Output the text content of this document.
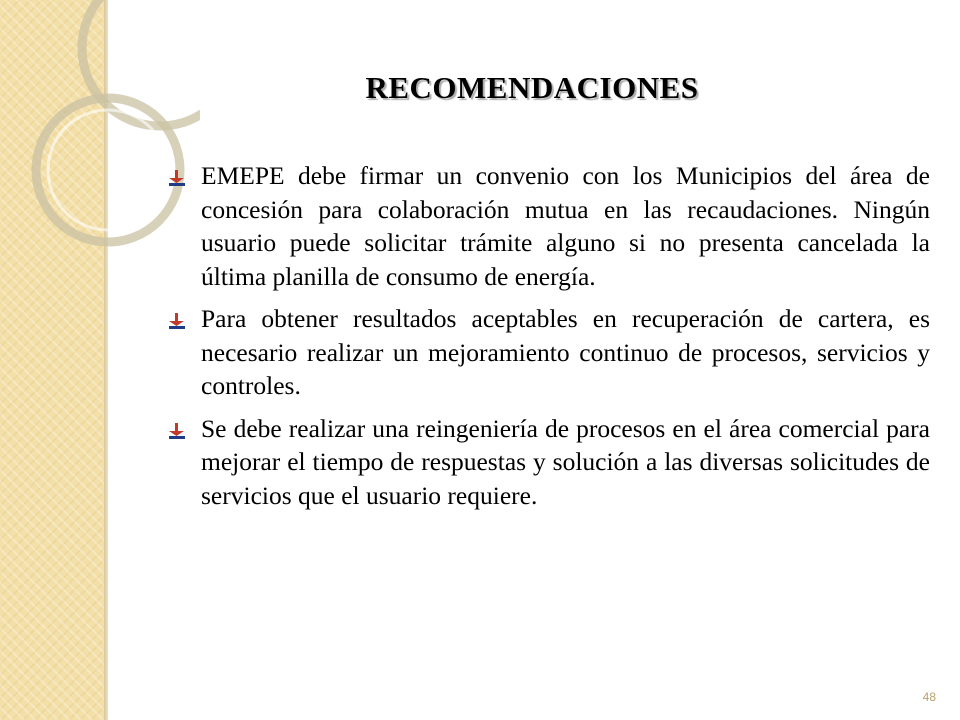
RECOMENDACIONES

EMEPE debe firmar un convenio con los Municipios del área de concesión para colaboración mutua en las recaudaciones. Ningún usuario puede solicitar trámite alguno si no presenta cancelada la última planilla de consumo de energía.

Para obtener resultados aceptables en recuperación de cartera, es necesario realizar un mejoramiento continuo de procesos, servicios y controles.

Se debe realizar una reingeniería de procesos en el área comercial para mejorar el tiempo de respuestas y solución a las diversas solicitudes de servicios que el usuario requiere.

48
